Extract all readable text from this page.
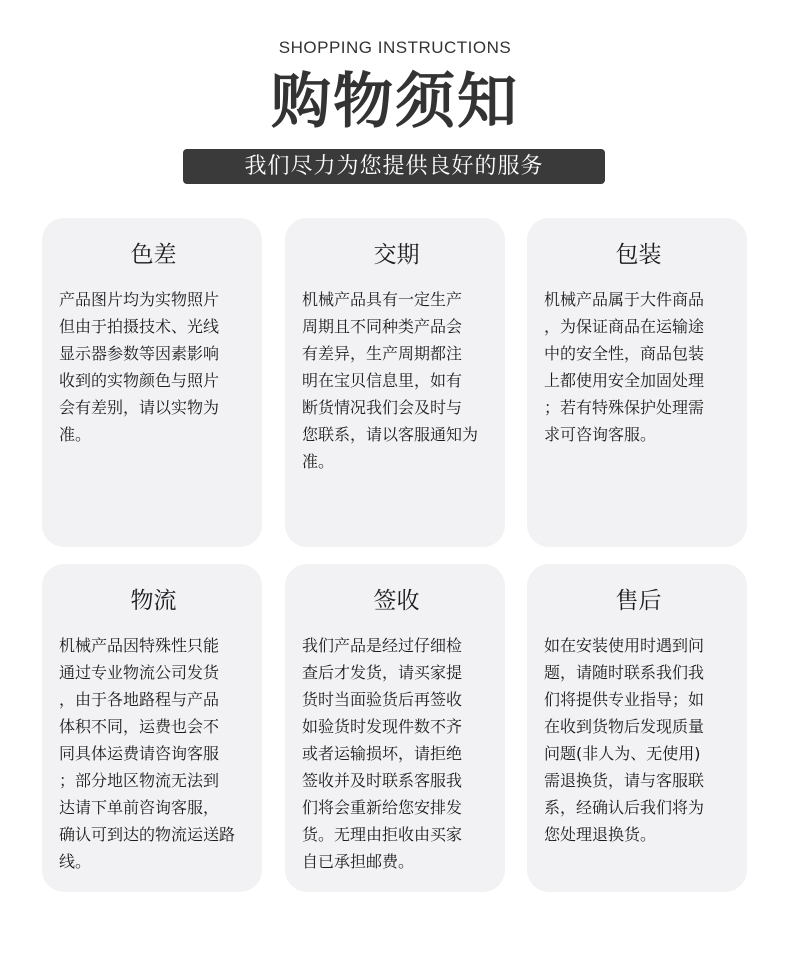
SHOPPING INSTRUCTIONS
购物须知
我们尽力为您提供良好的服务
色差

产品图片均为实物照片
但由于拍摄技术、光线
显示器参数等因素影响
收到的实物颜色与照片
会有差别，请以实物为
准。

交期

机械产品具有一定生产
周期且不同种类产品会
有差异，生产周期都注
明在宝贝信息里，如有
断货情况我们会及时与
您联系，请以客服通知为
准。

包装

机械产品属于大件商品
，为保证商品在运输途
中的安全性，商品包装
上都使用安全加固处理
；若有特殊保护处理需
求可咨询客服。

物流

机械产品因特殊性只能
通过专业物流公司发货
，由于各地路程与产品
体积不同，运费也会不
同具体运费请咨询客服
；部分地区物流无法到
达请下单前咨询客服，
确认可到达的物流运送路
线。

签收

我们产品是经过仔细检
查后才发货，请买家提
货时当面验货后再签收
如验货时发现件数不齐
或者运输损坏，请拒绝
签收并及时联系客服我
们将会重新给您安排发
货。无理由拒收由买家
自已承担邮费。

售后

如在安装使用时遇到问
题，请随时联系我们我
们将提供专业指导；如
在收到货物后发现质量
问题(非人为、无使用)
需退换货，请与客服联
系，经确认后我们将为
您处理退换货。
